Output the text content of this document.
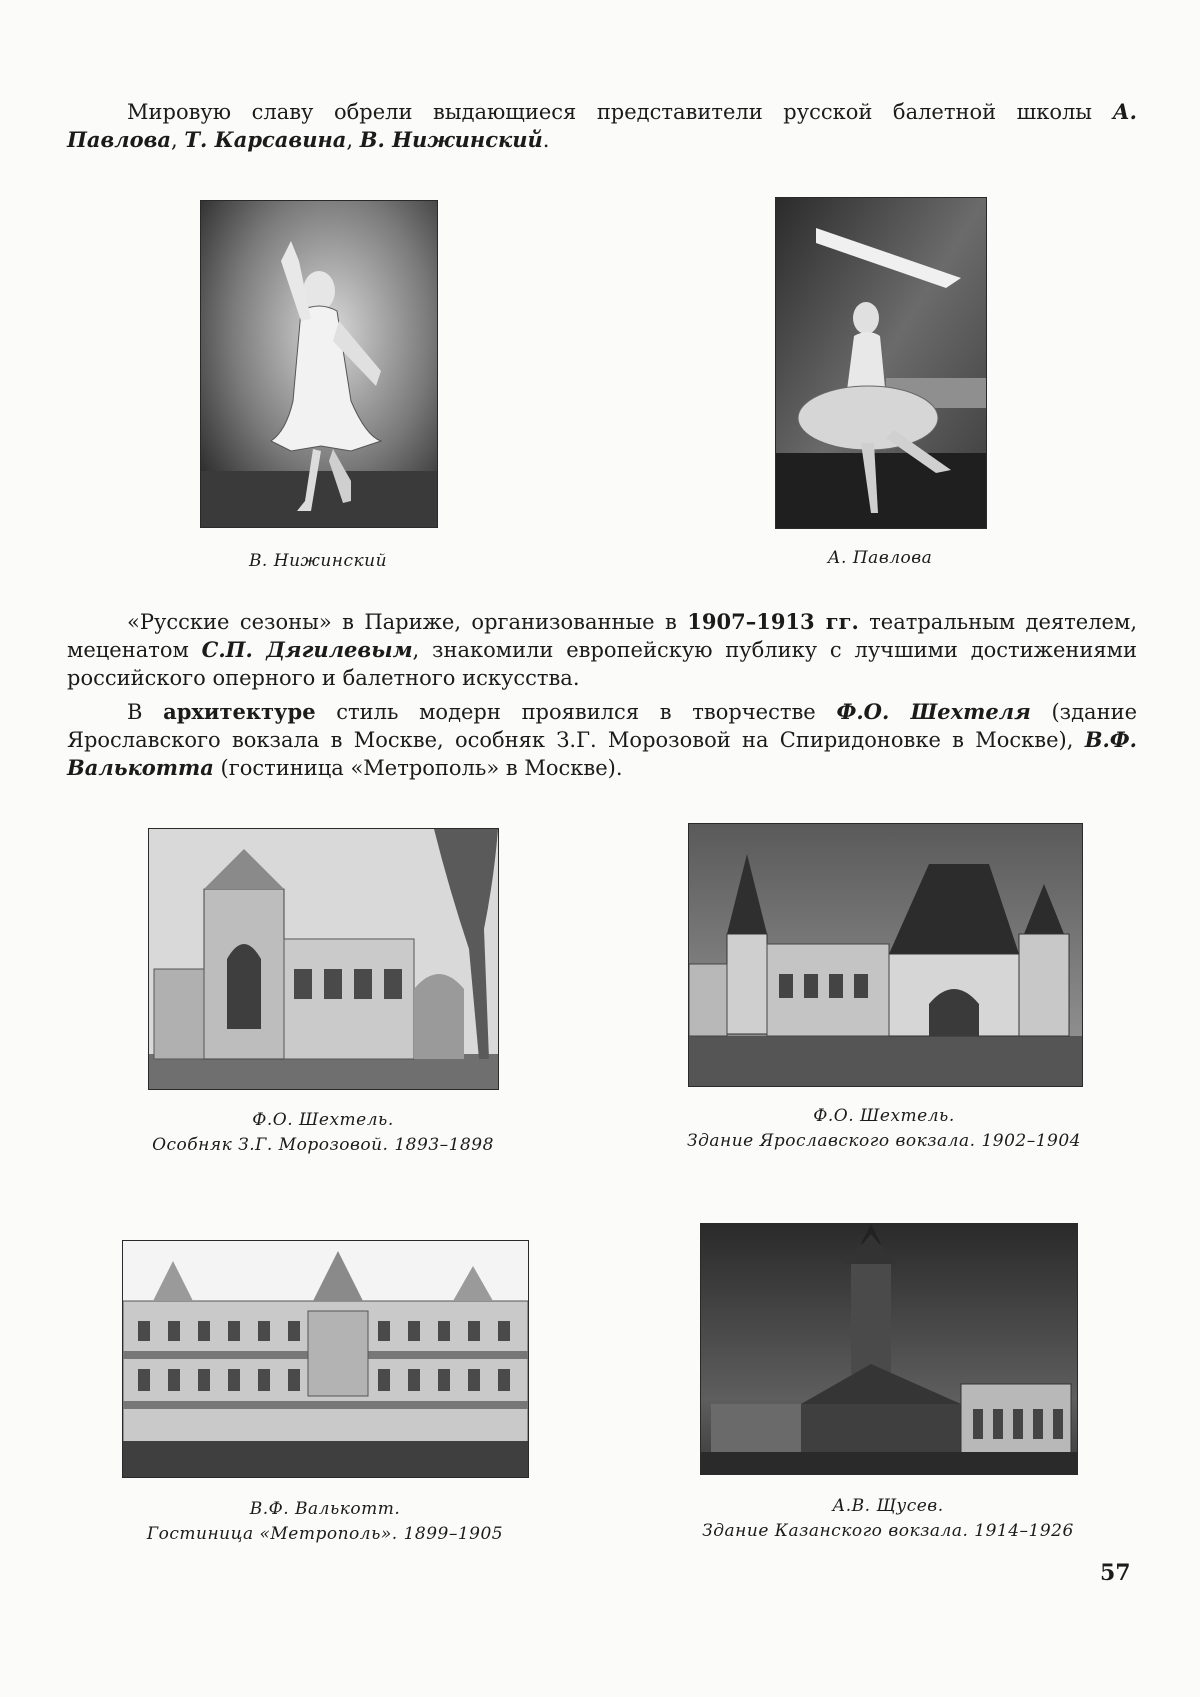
Мировую славу обрели выдающиеся представители русской балетной школы А. Павлова, Т. Карсавина, В. Нижинский.

В. Нижинский	А. Павлова

«Русские сезоны» в Париже, организованные в 1907–1913 гг. театральным деятелем, меценатом С.П. Дягилевым, знакомили европейскую публику с лучшими достижениями российского оперного и балетного искусства.

В архитектуре стиль модерн проявился в творчестве Ф.О. Шехтеля (здание Ярославского вокзала в Москве, особняк З.Г. Морозовой на Спиридоновке в Москве), В.Ф. Валькотта (гостиница «Метрополь» в Москве).

Ф.О. Шехтель.
Особняк З.Г. Морозовой. 1893–1898

Ф.О. Шехтель.
Здание Ярославского вокзала. 1902–1904

В.Ф. Валькотт.
Гостиница «Метрополь». 1899–1905

А.В. Щусев.
Здание Казанского вокзала. 1914–1926

57
